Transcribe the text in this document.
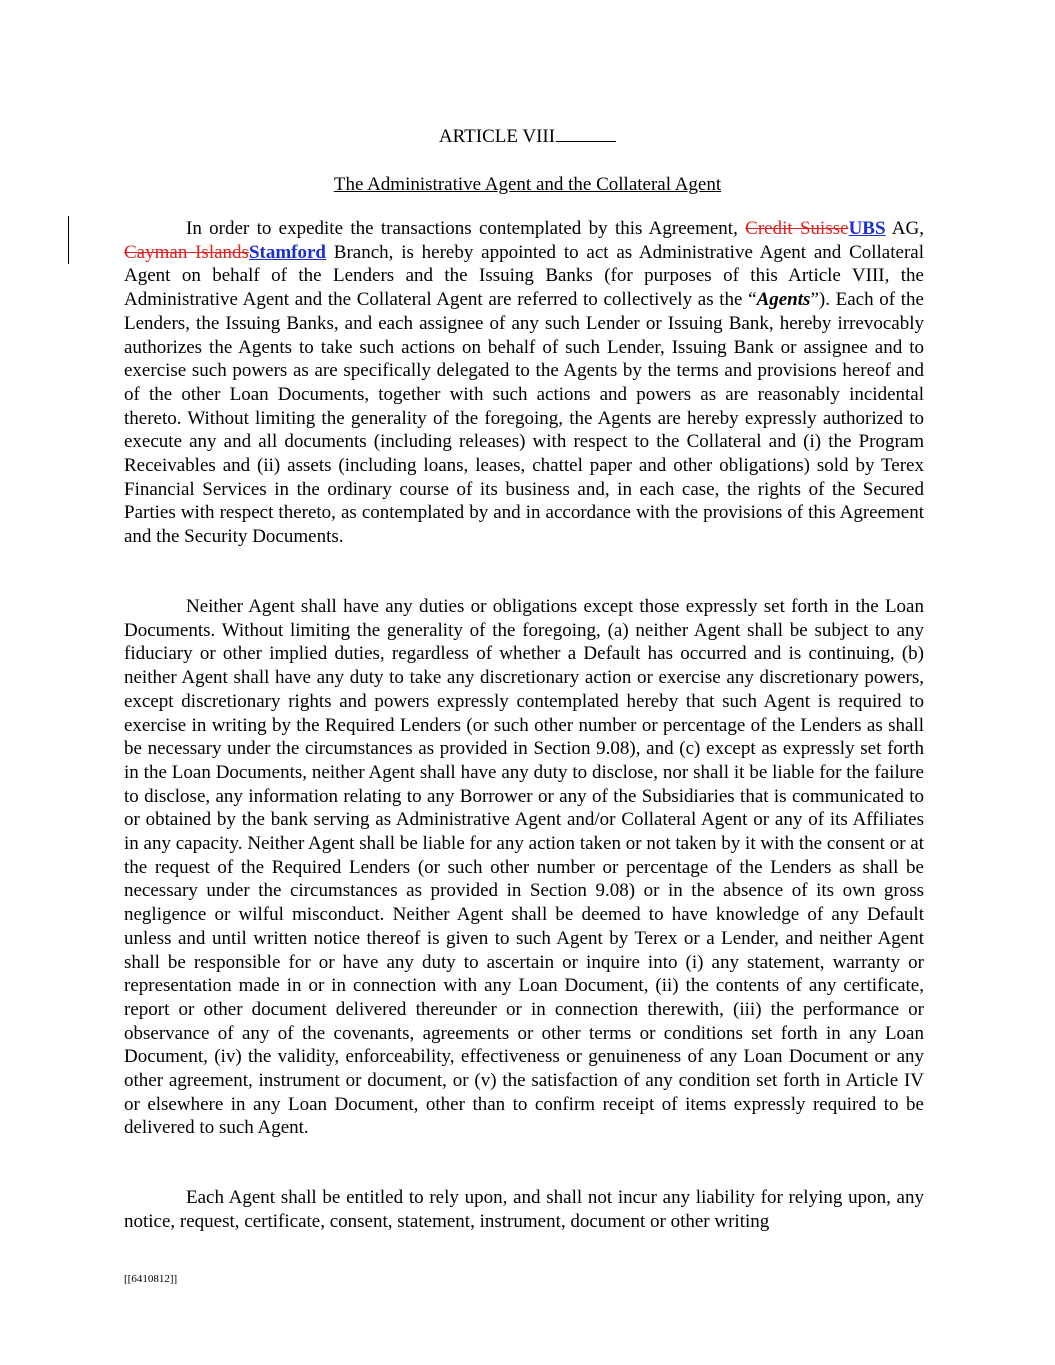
ARTICLE VIII
The Administrative Agent and the Collateral Agent

In order to expedite the transactions contemplated by this Agreement, Credit SuisseUBS AG, Cayman IslandsStamford Branch, is hereby appointed to act as Administrative Agent and Collateral Agent on behalf of the Lenders and the Issuing Banks (for purposes of this Article VIII, the Administrative Agent and the Collateral Agent are referred to collectively as the “Agents”). Each of the Lenders, the Issuing Banks, and each assignee of any such Lender or Issuing Bank, hereby irrevocably authorizes the Agents to take such actions on behalf of such Lender, Issuing Bank or assignee and to exercise such powers as are specifically delegated to the Agents by the terms and provisions hereof and of the other Loan Documents, together with such actions and powers as are reasonably incidental thereto. Without limiting the generality of the foregoing, the Agents are hereby expressly authorized to execute any and all documents (including releases) with respect to the Collateral and (i) the Program Receivables and (ii) assets (including loans, leases, chattel paper and other obligations) sold by Terex Financial Services in the ordinary course of its business and, in each case, the rights of the Secured Parties with respect thereto, as contemplated by and in accordance with the provisions of this Agreement and the Security Documents.

Neither Agent shall have any duties or obligations except those expressly set forth in the Loan Documents. Without limiting the generality of the foregoing, (a) neither Agent shall be subject to any fiduciary or other implied duties, regardless of whether a Default has occurred and is continuing, (b) neither Agent shall have any duty to take any discretionary action or exercise any discretionary powers, except discretionary rights and powers expressly contemplated hereby that such Agent is required to exercise in writing by the Required Lenders (or such other number or percentage of the Lenders as shall be necessary under the circumstances as provided in Section 9.08), and (c) except as expressly set forth in the Loan Documents, neither Agent shall have any duty to disclose, nor shall it be liable for the failure to disclose, any information relating to any Borrower or any of the Subsidiaries that is communicated to or obtained by the bank serving as Administrative Agent and/or Collateral Agent or any of its Affiliates in any capacity. Neither Agent shall be liable for any action taken or not taken by it with the consent or at the request of the Required Lenders (or such other number or percentage of the Lenders as shall be necessary under the circumstances as provided in Section 9.08) or in the absence of its own gross negligence or wilful misconduct. Neither Agent shall be deemed to have knowledge of any Default unless and until written notice thereof is given to such Agent by Terex or a Lender, and neither Agent shall be responsible for or have any duty to ascertain or inquire into (i) any statement, warranty or representation made in or in connection with any Loan Document, (ii) the contents of any certificate, report or other document delivered thereunder or in connection therewith, (iii) the performance or observance of any of the covenants, agreements or other terms or conditions set forth in any Loan Document, (iv) the validity, enforceability, effectiveness or genuineness of any Loan Document or any other agreement, instrument or document, or (v) the satisfaction of any condition set forth in Article IV or elsewhere in any Loan Document, other than to confirm receipt of items expressly required to be delivered to such Agent.

Each Agent shall be entitled to rely upon, and shall not incur any liability for relying upon, any notice, request, certificate, consent, statement, instrument, document or other writing

[[6410812]]
